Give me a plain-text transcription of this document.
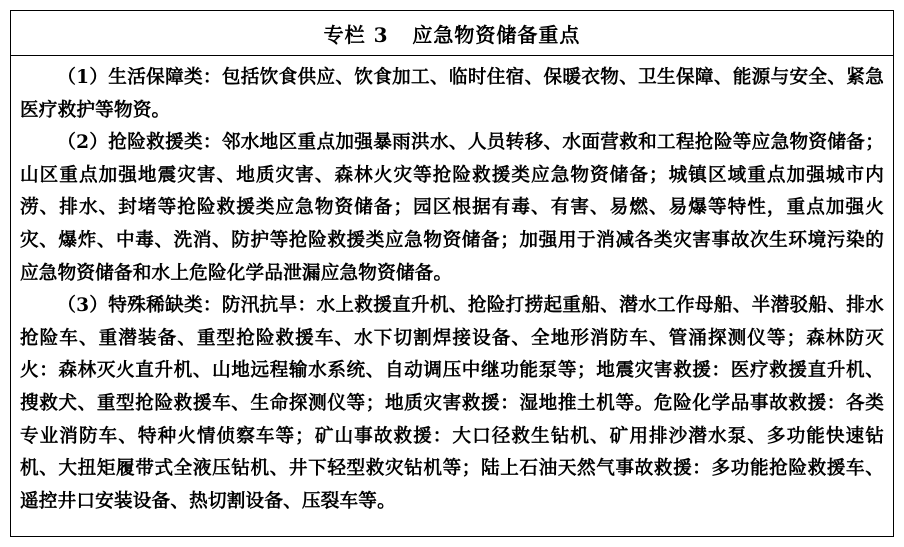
专栏 3   应急物资储备重点

（1）生活保障类：包括饮食供应、饮食加工、临时住宿、保暖衣物、卫生保障、能源与安全、紧急医疗救护等物资。

（2）抢险救援类：邻水地区重点加强暴雨洪水、人员转移、水面营救和工程抢险等应急物资储备；山区重点加强地震灾害、地质灾害、森林火灾等抢险救援类应急物资储备；城镇区域重点加强城市内涝、排水、封堵等抢险救援类应急物资储备；园区根据有毒、有害、易燃、易爆等特性，重点加强火灾、爆炸、中毒、洗消、防护等抢险救援类应急物资储备；加强用于消减各类灾害事故次生环境污染的应急物资储备和水上危险化学品泄漏应急物资储备。

（3）特殊稀缺类：防汛抗旱：水上救援直升机、抢险打捞起重船、潜水工作母船、半潜驳船、排水抢险车、重潜装备、重型抢险救援车、水下切割焊接设备、全地形消防车、管涌探测仪等；森林防灭火：森林灭火直升机、山地远程输水系统、自动调压中继功能泵等；地震灾害救援：医疗救援直升机、搜救犬、重型抢险救援车、生命探测仪等；地质灾害救援：湿地推土机等。危险化学品事故救援：各类专业消防车、特种火情侦察车等；矿山事故救援：大口径救生钻机、矿用排沙潜水泵、多功能快速钻机、大扭矩履带式全液压钻机、井下轻型救灾钻机等；陆上石油天然气事故救援：多功能抢险救援车、遥控井口安装设备、热切割设备、压裂车等。
